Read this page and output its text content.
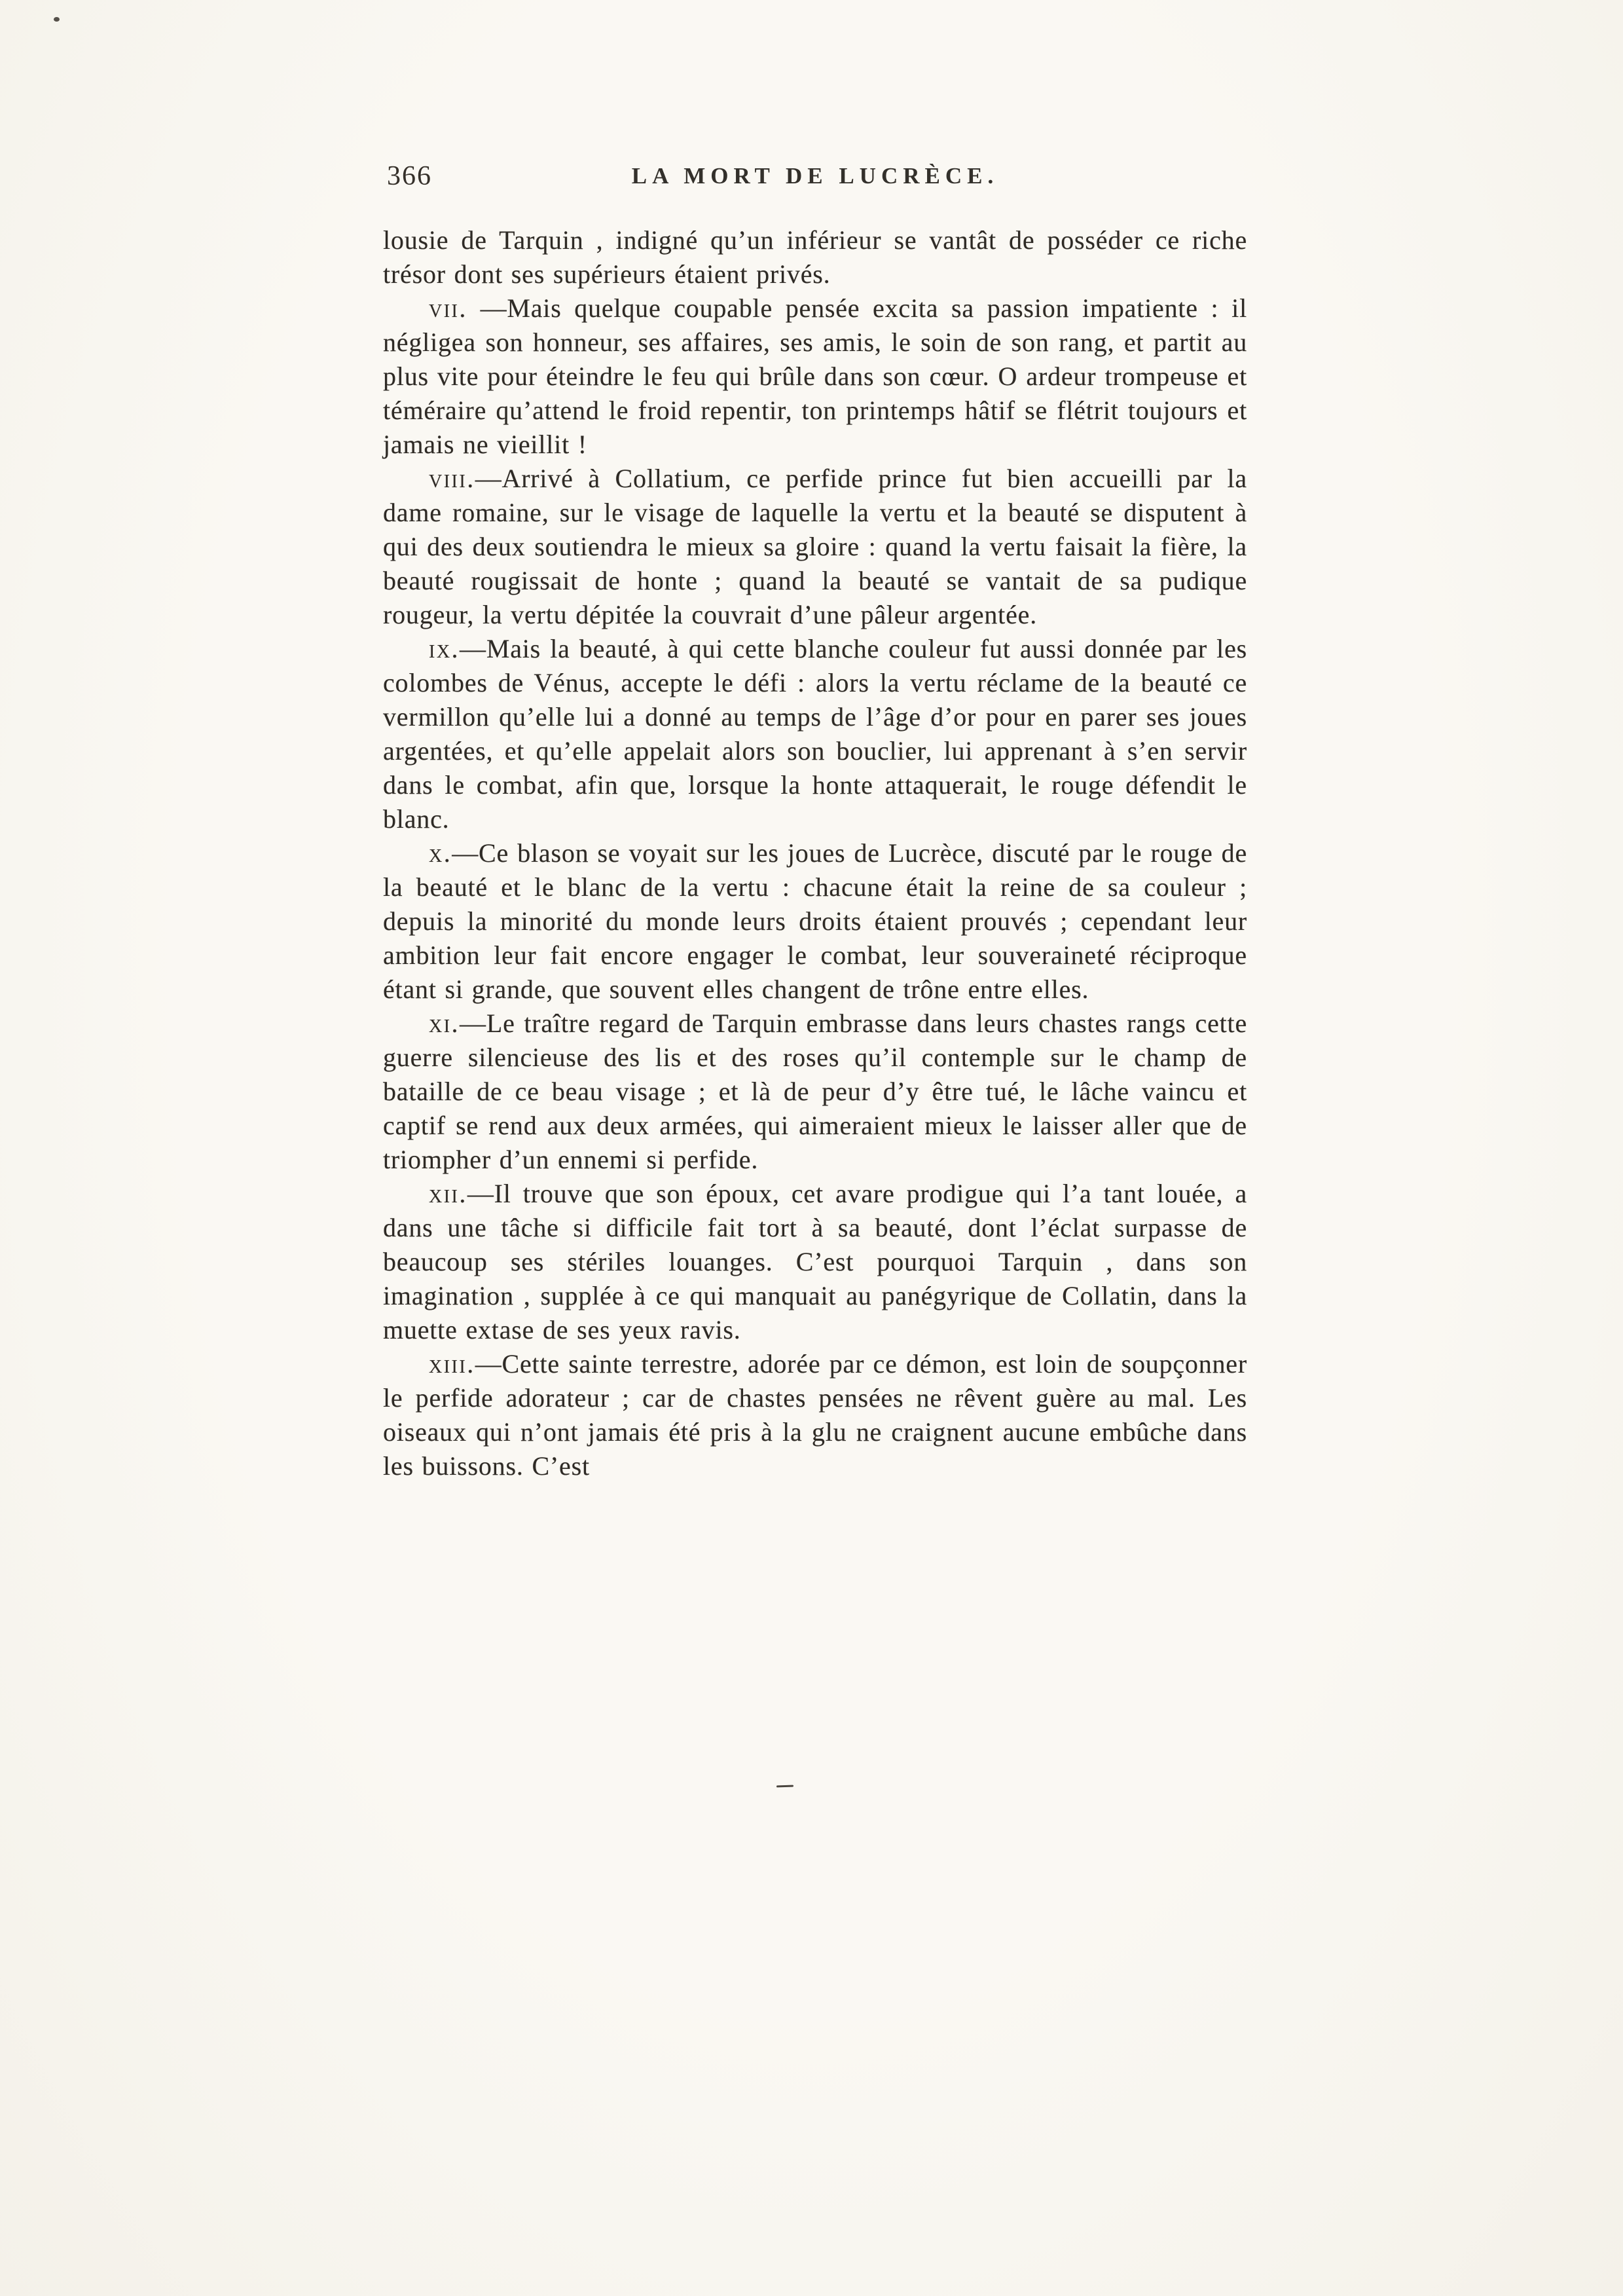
366	LA MORT DE LUCRÈCE.

lousie de Tarquin , indigné qu’un inférieur se vantât de posséder ce riche trésor dont ses supérieurs étaient privés.

vii. —Mais quelque coupable pensée excita sa passion impatiente : il négligea son honneur, ses affaires, ses amis, le soin de son rang, et partit au plus vite pour éteindre le feu qui brûle dans son cœur. O ardeur trompeuse et téméraire qu’attend le froid repentir, ton printemps hâtif se flétrit toujours et jamais ne vieillit !

viii.—Arrivé à Collatium, ce perfide prince fut bien accueilli par la dame romaine, sur le visage de laquelle la vertu et la beauté se disputent à qui des deux soutiendra le mieux sa gloire : quand la vertu faisait la fière, la beauté rougissait de honte ; quand la beauté se vantait de sa pudique rougeur, la vertu dépitée la couvrait d’une pâleur argentée.

ix.—Mais la beauté, à qui cette blanche couleur fut aussi donnée par les colombes de Vénus, accepte le défi : alors la vertu réclame de la beauté ce vermillon qu’elle lui a donné au temps de l’âge d’or pour en parer ses joues argentées, et qu’elle appelait alors son bouclier, lui apprenant à s’en servir dans le combat, afin que, lorsque la honte attaquerait, le rouge défendit le blanc.

x.—Ce blason se voyait sur les joues de Lucrèce, discuté par le rouge de la beauté et le blanc de la vertu : chacune était la reine de sa couleur ; depuis la minorité du monde leurs droits étaient prouvés ; cependant leur ambition leur fait encore engager le combat, leur souveraineté réciproque étant si grande, que souvent elles changent de trône entre elles.

xi.—Le traître regard de Tarquin embrasse dans leurs chastes rangs cette guerre silencieuse des lis et des roses qu’il contemple sur le champ de bataille de ce beau visage ; et là de peur d’y être tué, le lâche vaincu et captif se rend aux deux armées, qui aimeraient mieux le laisser aller que de triompher d’un ennemi si perfide.

xii.—Il trouve que son époux, cet avare prodigue qui l’a tant louée, a dans une tâche si difficile fait tort à sa beauté, dont l’éclat surpasse de beaucoup ses stériles louanges. C’est pourquoi Tarquin , dans son imagination , supplée à ce qui manquait au panégyrique de Collatin, dans la muette extase de ses yeux ravis.

xiii.—Cette sainte terrestre, adorée par ce démon, est loin de soupçonner le perfide adorateur ; car de chastes pensées ne rêvent guère au mal. Les oiseaux qui n’ont jamais été pris à la glu ne craignent aucune embûche dans les buissons. C’est
